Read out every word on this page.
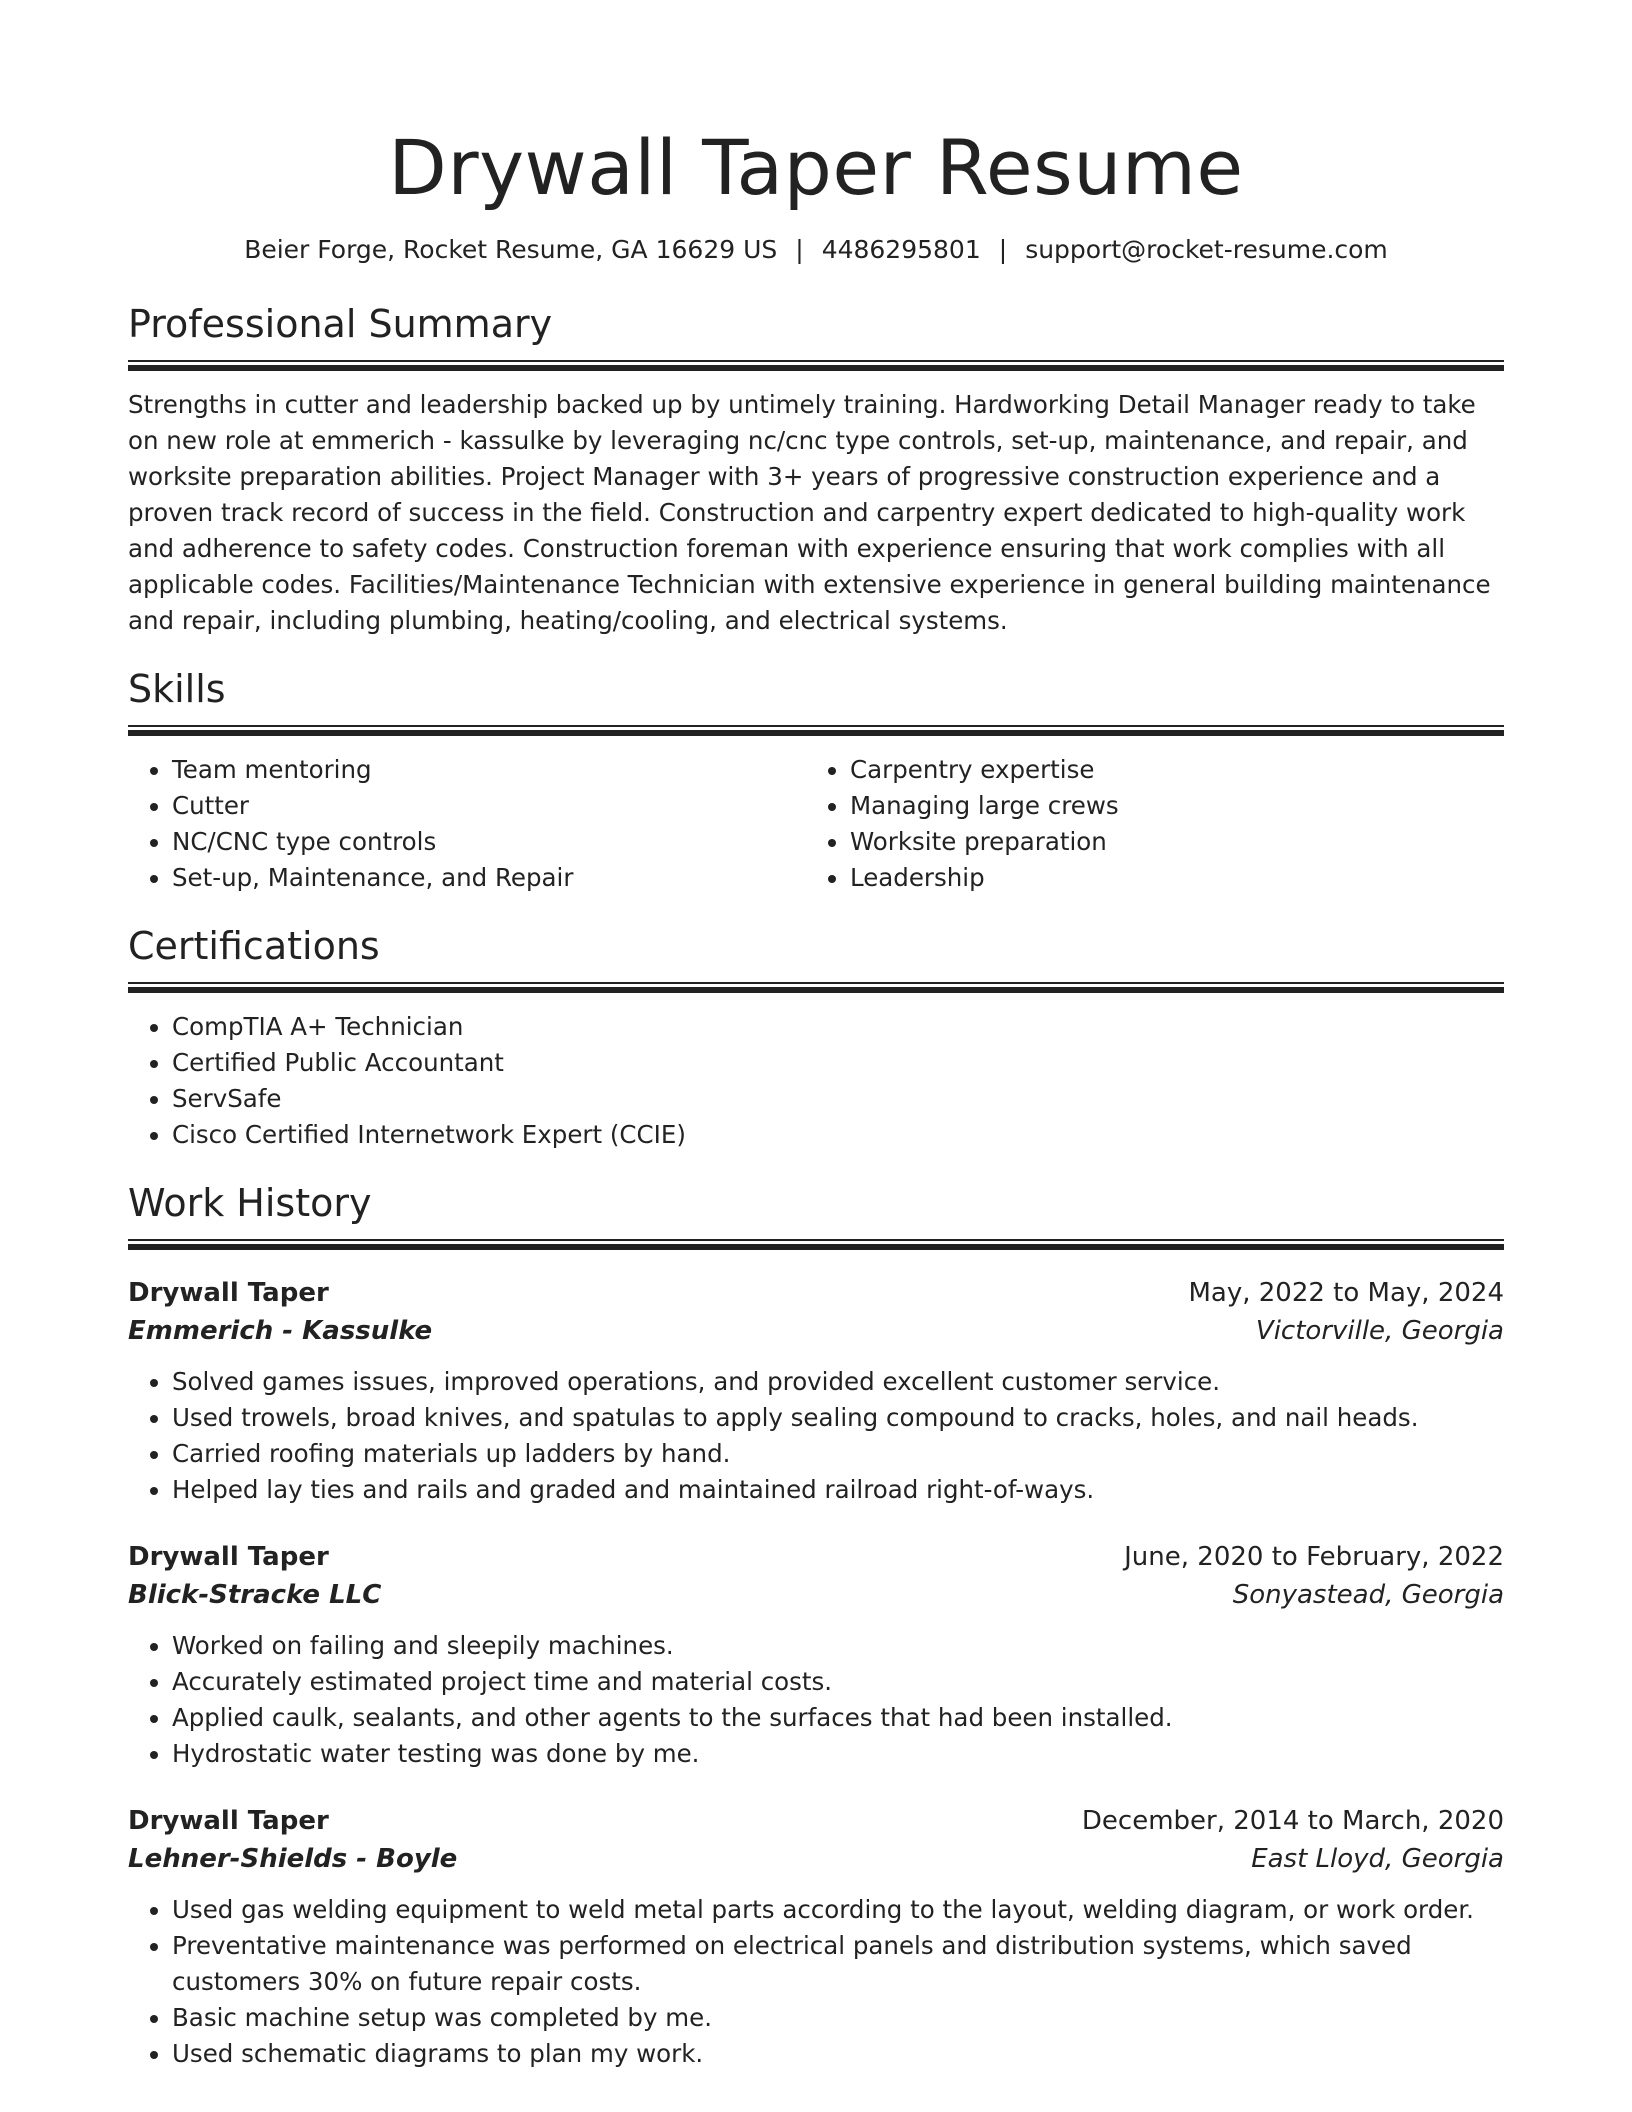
Drywall Taper Resume
Beier Forge, Rocket Resume, GA 16629 US | 4486295801 | support@rocket-resume.com
Professional Summary

Strengths in cutter and leadership backed up by untimely training. Hardworking Detail Manager ready to take on new role at emmerich - kassulke by leveraging nc/cnc type controls, set-up, maintenance, and repair, and worksite preparation abilities. Project Manager with 3+ years of progressive construction experience and a proven track record of success in the field. Construction and carpentry expert dedicated to high-quality work and adherence to safety codes. Construction foreman with experience ensuring that work complies with all applicable codes. Facilities/Maintenance Technician with extensive experience in general building maintenance and repair, including plumbing, heating/cooling, and electrical systems.

Skills
• Team mentoring
• Cutter
• NC/CNC type controls
• Set-up, Maintenance, and Repair
• Carpentry expertise
• Managing large crews
• Worksite preparation
• Leadership
Certifications
• CompTIA A+ Technician
• Certified Public Accountant
• ServSafe
• Cisco Certified Internetwork Expert (CCIE)
Work History
Drywall Taper	May, 2022 to May, 2024
Emmerich - Kassulke	Victorville, Georgia
• Solved games issues, improved operations, and provided excellent customer service.
• Used trowels, broad knives, and spatulas to apply sealing compound to cracks, holes, and nail heads.
• Carried roofing materials up ladders by hand.
• Helped lay ties and rails and graded and maintained railroad right-of-ways.
Drywall Taper	June, 2020 to February, 2022
Blick-Stracke LLC	Sonyastead, Georgia
• Worked on failing and sleepily machines.
• Accurately estimated project time and material costs.
• Applied caulk, sealants, and other agents to the surfaces that had been installed.
• Hydrostatic water testing was done by me.
Drywall Taper	December, 2014 to March, 2020
Lehner-Shields - Boyle	East Lloyd, Georgia
• Used gas welding equipment to weld metal parts according to the layout, welding diagram, or work order.
• Preventative maintenance was performed on electrical panels and distribution systems, which saved customers 30% on future repair costs.
• Basic machine setup was completed by me.
• Used schematic diagrams to plan my work.
